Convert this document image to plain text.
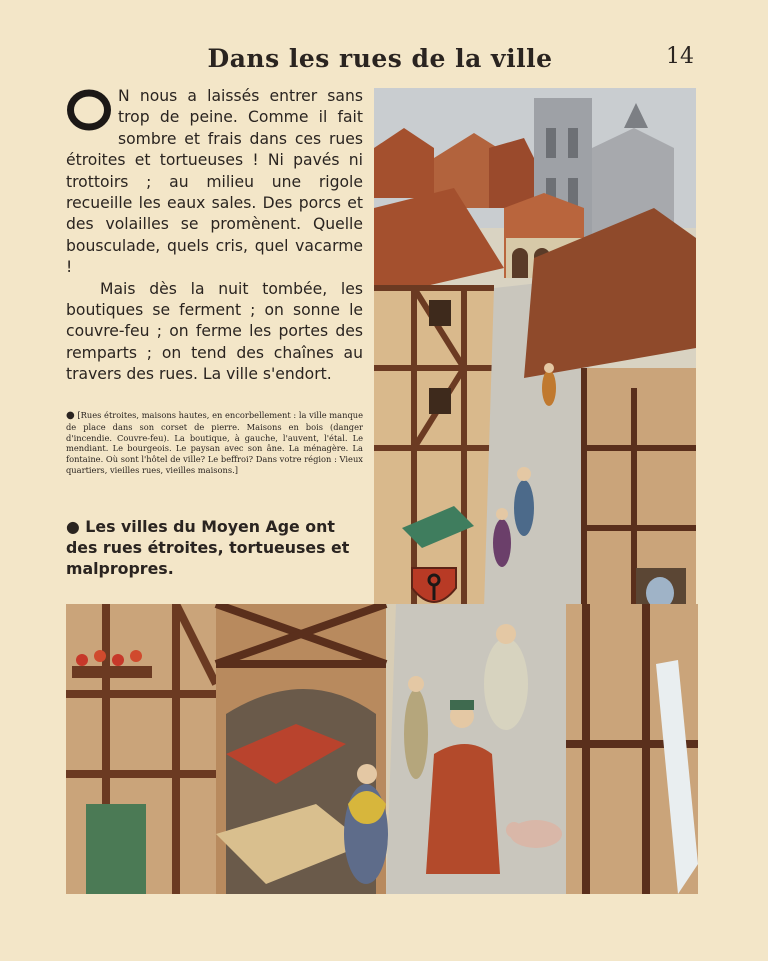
Dans les rues de la ville	14

N nous a laissés entrer sans trop de peine. Comme il fait sombre et frais dans ces rues étroites et tortueuses ! Ni pavés ni trottoirs ; au milieu une rigole recueille les eaux sales. Des porcs et des volailles se promènent. Quelle bousculade, quels cris, quel vacarme !

Mais dès la nuit tombée, les boutiques se ferment ; on sonne le couvre-feu ; on ferme les portes des remparts ; on tend des chaînes au travers des rues. La ville s'endort.

● [Rues étroites, maisons hautes, en encorbellement : la ville manque de place dans son corset de pierre. Maisons en bois (danger d'incendie. Couvre-feu). La boutique, à gauche, l'auvent, l'étal. Le mendiant. Le bourgeois. Le paysan avec son âne. La ménagère. La fontaine. Où sont l'hôtel de ville? Le beffroi? Dans votre région : Vieux quartiers, vieilles rues, vieilles maisons.]
● Les villes du Moyen Age ont des rues étroites, tortueuses et malpropres.
